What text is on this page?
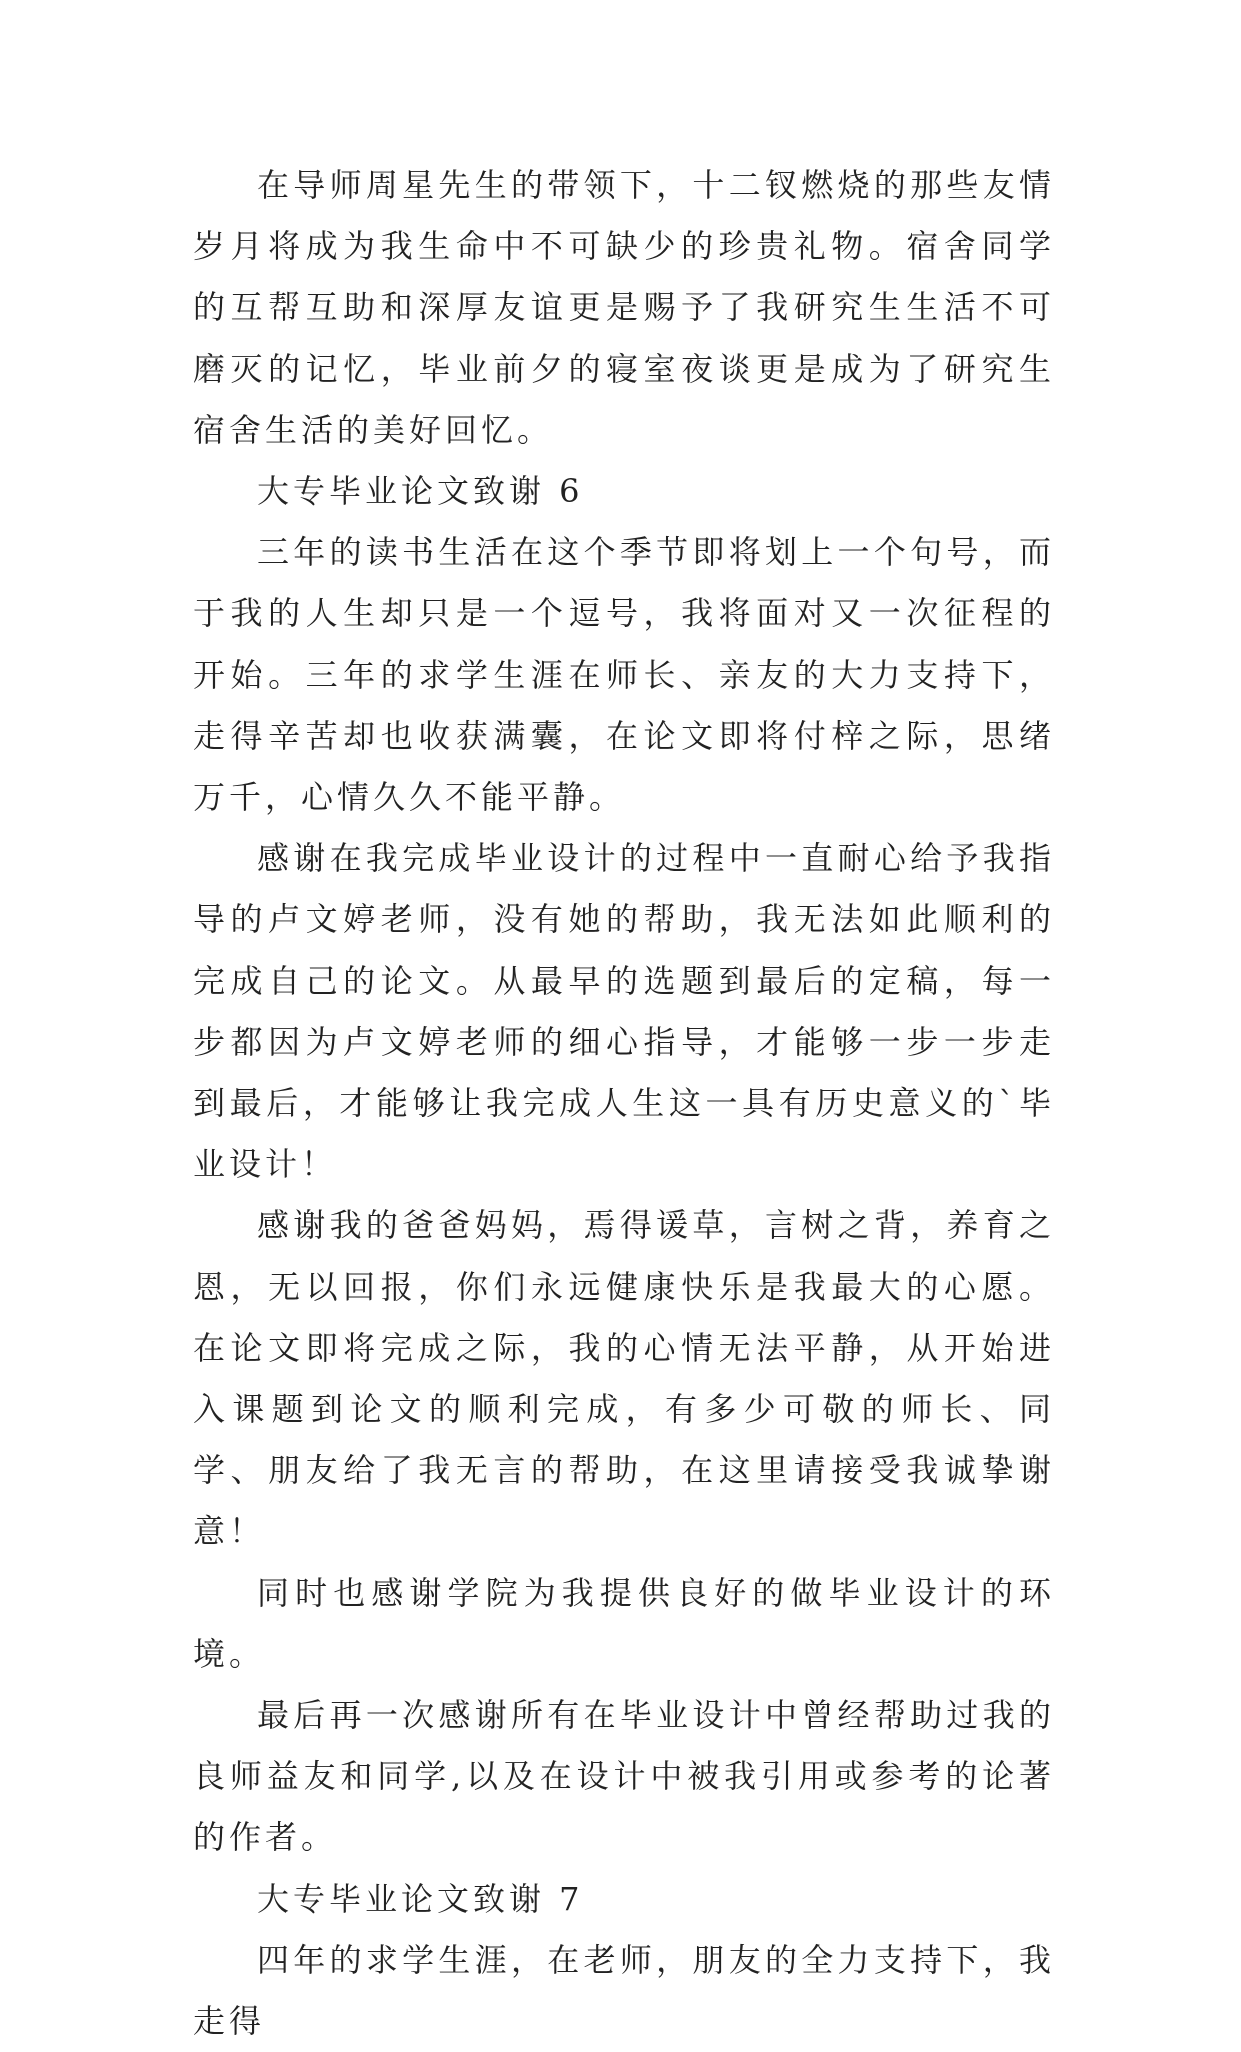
在导师周星先生的带领下，十二钗燃烧的那些友情岁月将成为我生命中不可缺少的珍贵礼物。宿舍同学的互帮互助和深厚友谊更是赐予了我研究生生活不可磨灭的记忆，毕业前夕的寝室夜谈更是成为了研究生宿舍生活的美好回忆。

大专毕业论文致谢 6

三年的读书生活在这个季节即将划上一个句号，而于我的人生却只是一个逗号，我将面对又一次征程的开始。三年的求学生涯在师长、亲友的大力支持下，走得辛苦却也收获满囊，在论文即将付梓之际，思绪万千，心情久久不能平静。

感谢在我完成毕业设计的过程中一直耐心给予我指导的卢文婷老师，没有她的帮助，我无法如此顺利的完成自己的论文。从最早的选题到最后的定稿，每一步都因为卢文婷老师的细心指导，才能够一步一步走到最后，才能够让我完成人生这一具有历史意义的`毕业设计！

感谢我的爸爸妈妈，焉得谖草，言树之背，养育之恩，无以回报，你们永远健康快乐是我最大的心愿。在论文即将完成之际，我的心情无法平静，从开始进入课题到论文的顺利完成，有多少可敬的师长、同学、朋友给了我无言的帮助，在这里请接受我诚挚谢意！

同时也感谢学院为我提供良好的做毕业设计的环境。

最后再一次感谢所有在毕业设计中曾经帮助过我的良师益友和同学,以及在设计中被我引用或参考的论著的作者。

大专毕业论文致谢 7

四年的求学生涯，在老师，朋友的全力支持下，我走得
